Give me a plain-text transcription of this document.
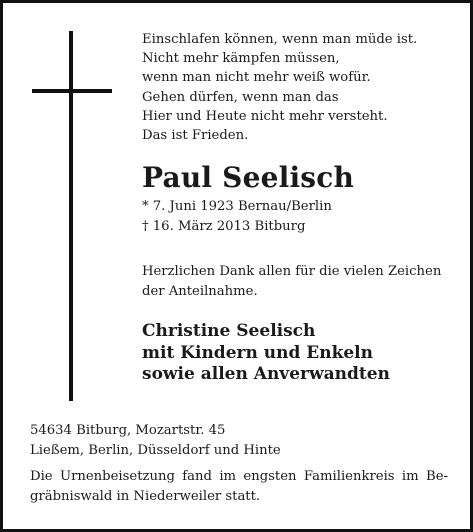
Einschlafen können, wenn man müde ist.
Nicht mehr kämpfen müssen,
wenn man nicht mehr weiß wofür.
Gehen dürfen, wenn man das
Hier und Heute nicht mehr versteht.
Das ist Frieden.
Paul Seelisch
* 7. Juni 1923 Bernau/Berlin
† 16. März 2013 Bitburg
Herzlichen Dank allen für die vielen Zeichen
der Anteilnahme.
Christine Seelisch
mit Kindern und Enkeln
sowie allen Anverwandten
54634 Bitburg, Mozartstr. 45
Ließem, Berlin, Düsseldorf und Hinte
Die Urnenbeisetzung fand im engsten Familienkreis im Begräbniswald in Niederweiler statt.
